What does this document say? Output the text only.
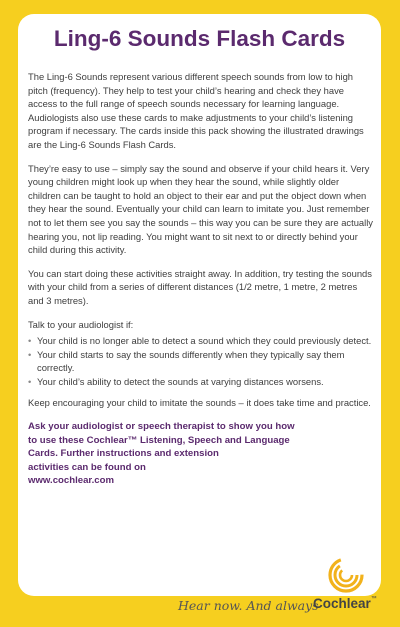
Ling-6 Sounds Flash Cards

The Ling-6 Sounds represent various different speech sounds from low to high pitch (frequency). They help to test your child’s hearing and check they have access to the full range of speech sounds necessary for learning language. Audiologists also use these cards to make adjustments to your child’s listening program if necessary. The cards inside this pack showing the illustrated drawings are the Ling-6 Sounds Flash Cards.

They’re easy to use – simply say the sound and observe if your child hears it. Very young children might look up when they hear the sound, while slightly older children can be taught to hold an object to their ear and put the object down when they hear the sound. Eventually your child can learn to imitate you. Just remember not to let them see you say the sounds – this way you can be sure they are actually hearing you, not lip reading. You might want to sit next to or directly behind your child during this activity.

You can start doing these activities straight away. In addition, try testing the sounds with your child from a series of different distances (1/2 metre, 1 metre, 2 metres and 3 metres).

Talk to your audiologist if:

• Your child is no longer able to detect a sound which they could previously detect.
• Your child starts to say the sounds differently when they typically say them correctly.
• Your child’s ability to detect the sounds at varying distances worsens.

Keep encouraging your child to imitate the sounds – it does take time and practice.

Ask your audiologist or speech therapist to show you how
to use these Cochlear™ Listening, Speech and Language
Cards. Further instructions and extension
activities can be found on
www.cochlear.com
Hear now. And always
Cochlear™
